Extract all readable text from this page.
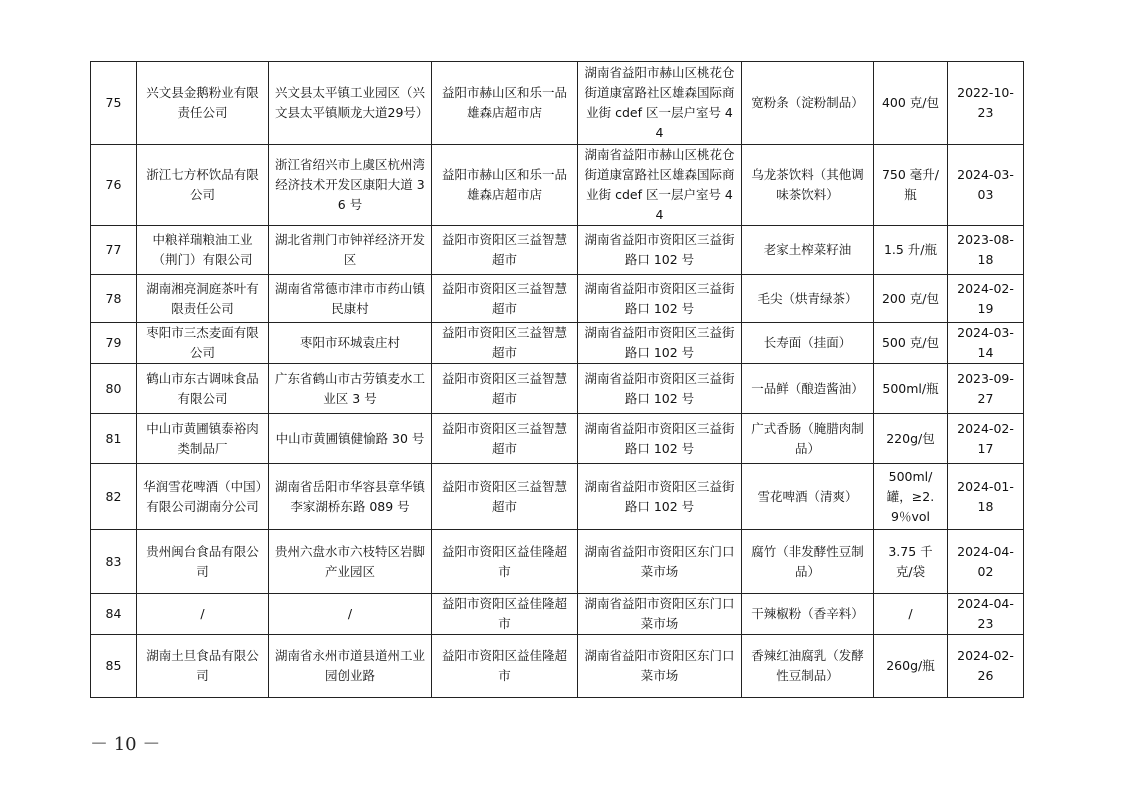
75	兴文县金鹅粉业有限责任公司	兴文县太平镇工业园区（兴文县太平镇顺龙大道29号）	益阳市赫山区和乐一品雄森店超市店	湖南省益阳市赫山区桃花仓街道康富路社区雄森国际商业街 cdef 区一层户室号 44	宽粉条（淀粉制品）	400 克/包	2022-10-23
76	浙江七方杯饮品有限公司	浙江省绍兴市上虞区杭州湾经济技术开发区康阳大道 36 号	益阳市赫山区和乐一品雄森店超市店	湖南省益阳市赫山区桃花仓街道康富路社区雄森国际商业街 cdef 区一层户室号 44	乌龙茶饮料（其他调味茶饮料）	750 毫升/瓶	2024-03-03
77	中粮祥瑞粮油工业（荆门）有限公司	湖北省荆门市钟祥经济开发区	益阳市资阳区三益智慧超市	湖南省益阳市资阳区三益街路口 102 号	老家土榨菜籽油	1.5 升/瓶	2023-08-18
78	湖南湘亮洞庭茶叶有限责任公司	湖南省常德市津市市药山镇民康村	益阳市资阳区三益智慧超市	湖南省益阳市资阳区三益街路口 102 号	毛尖（烘青绿茶）	200 克/包	2024-02-19
79	枣阳市三杰麦面有限公司	枣阳市环城袁庄村	益阳市资阳区三益智慧超市	湖南省益阳市资阳区三益街路口 102 号	长寿面（挂面）	500 克/包	2024-03-14
80	鹤山市东古调味食品有限公司	广东省鹤山市古劳镇麦水工业区 3 号	益阳市资阳区三益智慧超市	湖南省益阳市资阳区三益街路口 102 号	一品鲜（酿造酱油）	500ml/瓶	2023-09-27
81	中山市黄圃镇泰裕肉类制品厂	中山市黄圃镇健愉路 30 号	益阳市资阳区三益智慧超市	湖南省益阳市资阳区三益街路口 102 号	广式香肠（腌腊肉制品）	220g/包	2024-02-17
82	华润雪花啤酒（中国）有限公司湖南分公司	湖南省岳阳市华容县章华镇李家湖桥东路 089 号	益阳市资阳区三益智慧超市	湖南省益阳市资阳区三益街路口 102 号	雪花啤酒（清爽）	500ml/罐，≥2.9％vol	2024-01-18
83	贵州闽台食品有限公司	贵州六盘水市六枝特区岩脚产业园区	益阳市资阳区益佳隆超市	湖南省益阳市资阳区东门口菜市场	腐竹（非发酵性豆制品）	3.75 千克/袋	2024-04-02
84	/	/	益阳市资阳区益佳隆超市	湖南省益阳市资阳区东门口菜市场	干辣椒粉（香辛料）	/	2024-04-23
85	湖南土旦食品有限公司	湖南省永州市道县道州工业园创业路	益阳市资阳区益佳隆超市	湖南省益阳市资阳区东门口菜市场	香辣红油腐乳（发酵性豆制品）	260g/瓶	2024-02-26
－ 10 －
